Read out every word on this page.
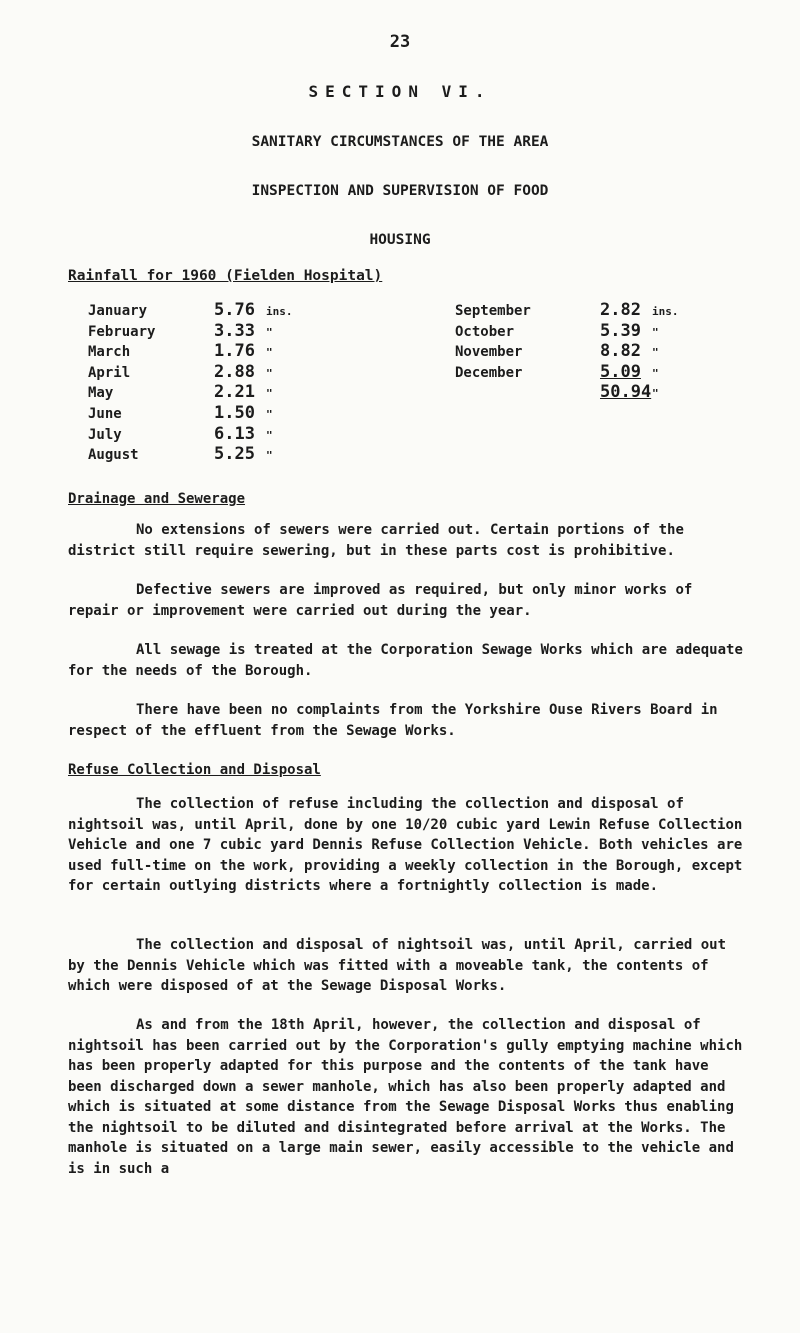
23
SECTION VI.
SANITARY CIRCUMSTANCES OF THE AREA
INSPECTION AND SUPERVISION OF FOOD
HOUSING
Rainfall for 1960 (Fielden Hospital)
January	5.76	ins.
February	3.33	"
March	1.76	"
April	2.88	"
May	2.21	"
June	1.50	"
July	6.13	"
August	5.25	"
September	2.82	ins.
October	5.39	"
November	8.82	"
December	5.09	"
50.94 "
Drainage and Sewerage
No extensions of sewers were carried out. Certain portions of the district still require sewering, but in these parts cost is prohibitive.
Defective sewers are improved as required, but only minor works of repair or improvement were carried out during the year.
All sewage is treated at the Corporation Sewage Works which are adequate for the needs of the Borough.
There have been no complaints from the Yorkshire Ouse Rivers Board in respect of the effluent from the Sewage Works.
Refuse Collection and Disposal
The collection of refuse including the collection and disposal of nightsoil was, until April, done by one 10/20 cubic yard Lewin Refuse Collection Vehicle and one 7 cubic yard Dennis Refuse Collection Vehicle. Both vehicles are used full-time on the work, providing a weekly collection in the Borough, except for certain outlying districts where a fortnightly collection is made.
The collection and disposal of nightsoil was, until April, carried out by the Dennis Vehicle which was fitted with a moveable tank, the contents of which were disposed of at the Sewage Disposal Works.
As and from the 18th April, however, the collection and disposal of nightsoil has been carried out by the Corporation's gully emptying machine which has been properly adapted for this purpose and the contents of the tank have been discharged down a sewer manhole, which has also been properly adapted and which is situated at some distance from the Sewage Disposal Works thus enabling the nightsoil to be diluted and disintegrated before arrival at the Works. The manhole is situated on a large main sewer, easily accessible to the vehicle and is in such a
